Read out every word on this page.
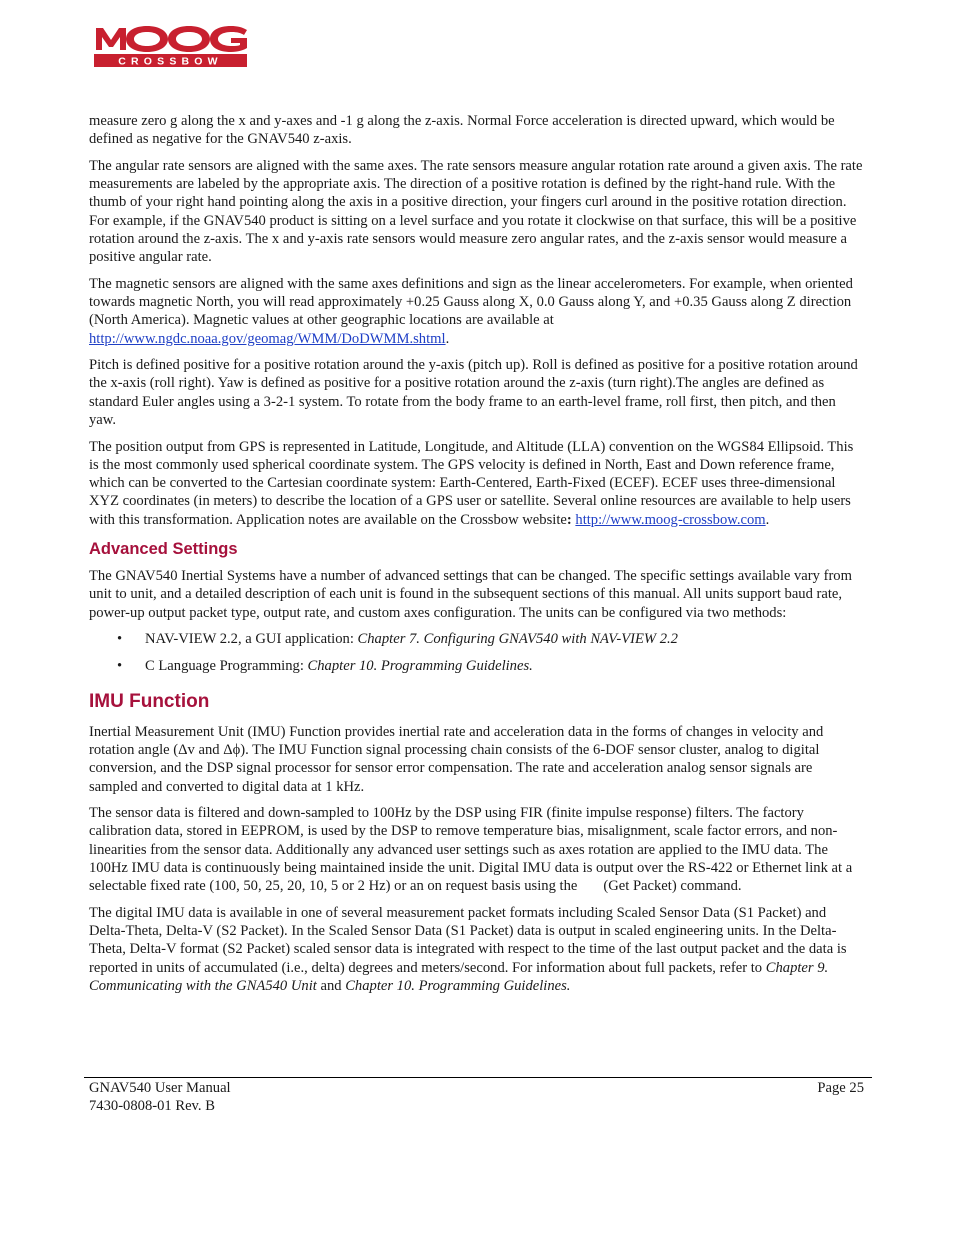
CROSSBOW

measure zero g along the x and y-axes and -1 g along the z-axis. Normal Force acceleration is directed upward, which would be defined as negative for the GNAV540 z-axis.

The angular rate sensors are aligned with the same axes. The rate sensors measure angular rotation rate around a given axis. The rate measurements are labeled by the appropriate axis. The direction of a positive rotation is defined by the right-hand rule. With the thumb of your right hand pointing along the axis in a positive direction, your fingers curl around in the positive rotation direction. For example, if the GNAV540 product is sitting on a level surface and you rotate it clockwise on that surface, this will be a positive rotation around the z-axis. The x and y-axis rate sensors would measure zero angular rates, and the z-axis sensor would measure a positive angular rate.

The magnetic sensors are aligned with the same axes definitions and sign as the linear accelerometers. For example, when oriented towards magnetic North, you will read approximately +0.25 Gauss along X, 0.0 Gauss along Y, and +0.35 Gauss along Z direction (North America). Magnetic values at other geographic locations are available at http://www.ngdc.noaa.gov/geomag/WMM/DoDWMM.shtml.

Pitch is defined positive for a positive rotation around the y-axis (pitch up). Roll is defined as positive for a positive rotation around the x-axis (roll right). Yaw is defined as positive for a positive rotation around the z-axis (turn right).The angles are defined as standard Euler angles using a 3-2-1 system. To rotate from the body frame to an earth-level frame, roll first, then pitch, and then yaw.

The position output from GPS is represented in Latitude, Longitude, and Altitude (LLA) convention on the WGS84 Ellipsoid. This is the most commonly used spherical coordinate system. The GPS velocity is defined in North, East and Down reference frame, which can be converted to the Cartesian coordinate system: Earth-Centered, Earth-Fixed (ECEF). ECEF uses three-dimensional XYZ coordinates (in meters) to describe the location of a GPS user or satellite. Several online resources are available to help users with this transformation. Application notes are available on the Crossbow website: http://www.moog-crossbow.com.

Advanced Settings

The GNAV540 Inertial Systems have a number of advanced settings that can be changed. The specific settings available vary from unit to unit, and a detailed description of each unit is found in the subsequent sections of this manual. All units support baud rate, power-up output packet type, output rate, and custom axes configuration. The units can be configured via two methods:

• NAV-VIEW 2.2, a GUI application: Chapter 7. Configuring GNAV540 with NAV-VIEW 2.2
• C Language Programming: Chapter 10. Programming Guidelines.
IMU Function

Inertial Measurement Unit (IMU) Function provides inertial rate and acceleration data in the forms of changes in velocity and rotation angle (Δv and Δϕ). The IMU Function signal processing chain consists of the 6-DOF sensor cluster, analog to digital conversion, and the DSP signal processor for sensor error compensation. The rate and acceleration analog sensor signals are sampled and converted to digital data at 1 kHz.

The sensor data is filtered and down-sampled to 100Hz by the DSP using FIR (finite impulse response) filters. The factory calibration data, stored in EEPROM, is used by the DSP to remove temperature bias, misalignment, scale factor errors, and non-linearities from the sensor data. Additionally any advanced user settings such as axes rotation are applied to the IMU data. The 100Hz IMU data is continuously being maintained inside the unit. Digital IMU data is output over the RS-422 or Ethernet link at a selectable fixed rate (100, 50, 25, 20, 10, 5 or 2 Hz) or an on request basis using the (Get Packet) command.

The digital IMU data is available in one of several measurement packet formats including Scaled Sensor Data (S1 Packet) and Delta-Theta, Delta-V (S2 Packet). In the Scaled Sensor Data (S1 Packet) data is output in scaled engineering units. In the Delta-Theta, Delta-V format (S2 Packet) scaled sensor data is integrated with respect to the time of the last output packet and the data is reported in units of accumulated (i.e., delta) degrees and meters/second. For information about full packets, refer to Chapter 9. Communicating with the GNA540 Unit and Chapter 10. Programming Guidelines.

GNAV540 User Manual
7430-0808-01 Rev. B
Page 25
